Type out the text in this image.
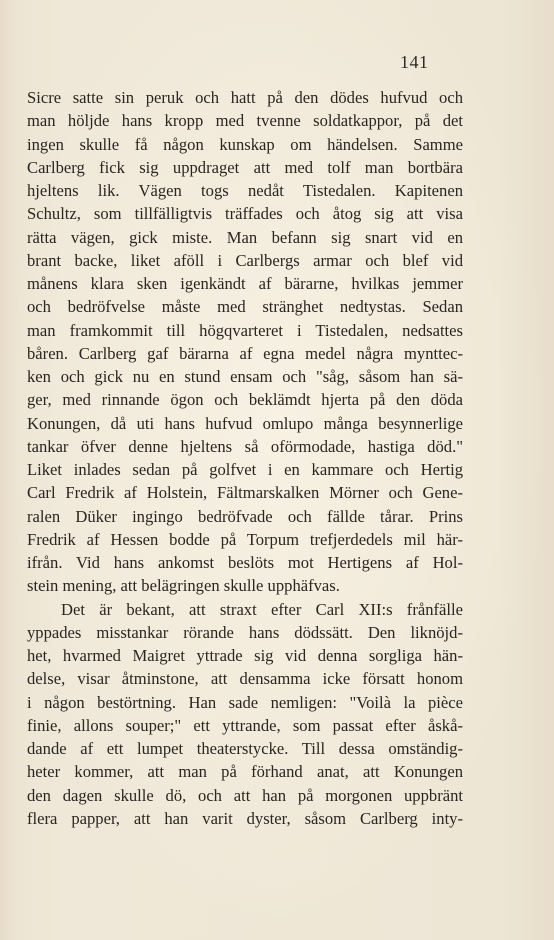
141
Sicre satte sin peruk och hatt på den dödes hufvud och
man höljde hans kropp med tvenne soldatkappor, på det
ingen skulle få någon kunskap om händelsen. Samme
Carlberg fick sig uppdraget att med tolf man bortbära
hjeltens lik. Vägen togs nedåt Tistedalen. Kapitenen
Schultz, som tillfälligtvis träffades och åtog sig att visa
rätta vägen, gick miste. Man befann sig snart vid en
brant backe, liket aföll i Carlbergs armar och blef vid
månens klara sken igenkändt af bärarne, hvilkas jemmer
och bedröfvelse måste med stränghet nedtystas. Sedan
man framkommit till högqvarteret i Tistedalen, nedsattes
båren. Carlberg gaf bärarna af egna medel några mynttec-
ken och gick nu en stund ensam och "såg, såsom han sä-
ger, med rinnande ögon och beklämdt hjerta på den döda
Konungen, då uti hans hufvud omlupo många besynnerlige
tankar öfver denne hjeltens så oförmodade, hastiga död."
Liket inlades sedan på golfvet i en kammare och Hertig
Carl Fredrik af Holstein, Fältmarskalken Mörner och Gene-
ralen Düker ingingo bedröfvade och fällde tårar. Prins
Fredrik af Hessen bodde på Torpum trefjerdedels mil här-
ifrån. Vid hans ankomst beslöts mot Hertigens af Hol-
stein mening, att belägringen skulle upphäfvas.
Det är bekant, att straxt efter Carl XII:s frånfälle
yppades misstankar rörande hans dödssätt. Den liknöjd-
het, hvarmed Maigret yttrade sig vid denna sorgliga hän-
delse, visar åtminstone, att densamma icke försatt honom
i någon bestörtning. Han sade nemligen: "Voilà la pièce
finie, allons souper;" ett yttrande, som passat efter åskå-
dande af ett lumpet theaterstycke. Till dessa omständig-
heter kommer, att man på förhand anat, att Konungen
den dagen skulle dö, och att han på morgonen uppbränt
flera papper, att han varit dyster, såsom Carlberg inty-
